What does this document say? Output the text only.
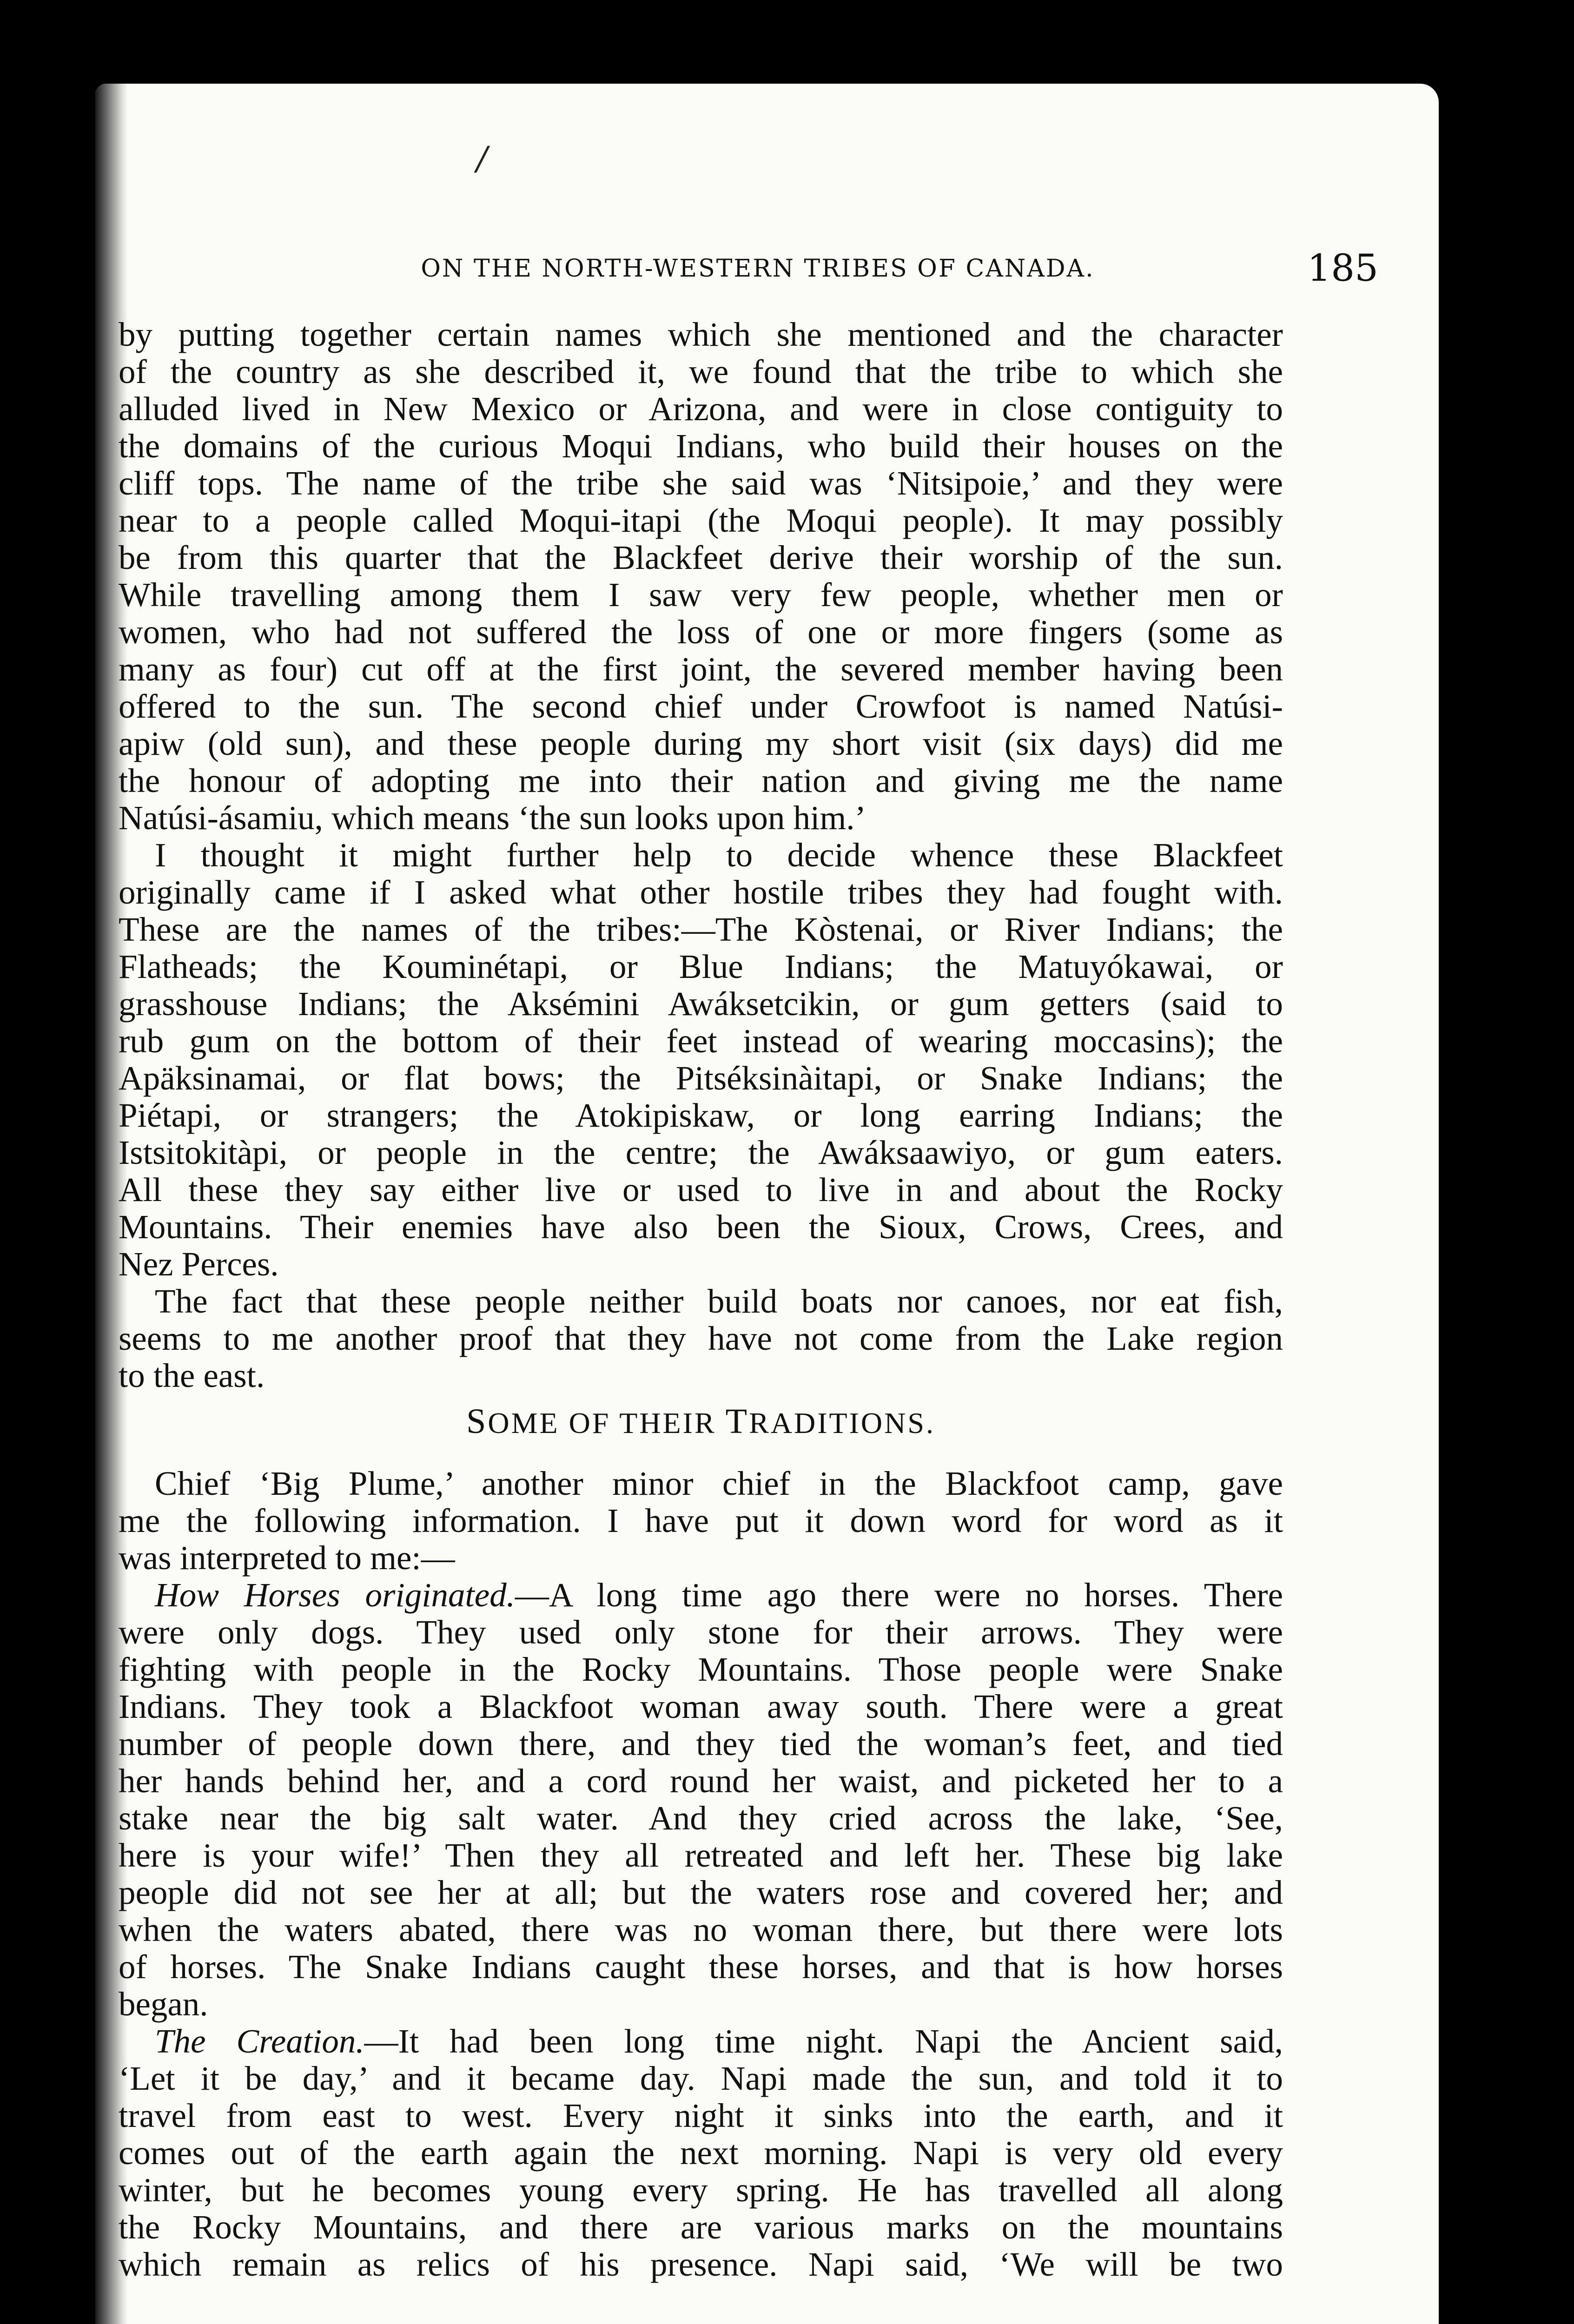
/
ON THE NORTH-WESTERN TRIBES OF CANADA.	185
by putting together certain names which she mentioned and the character
of the country as she described it, we found that the tribe to which she
alluded lived in New Mexico or Arizona, and were in close contiguity to
the domains of the curious Moqui Indians, who build their houses on the
cliff tops. The name of the tribe she said was ‘Nitsipoie,’ and they were
near to a people called Moqui-itapi (the Moqui people). It may possibly
be from this quarter that the Blackfeet derive their worship of the sun.
While travelling among them I saw very few people, whether men or
women, who had not suffered the loss of one or more fingers (some as
many as four) cut off at the first joint, the severed member having been
offered to the sun. The second chief under Crowfoot is named Natúsi-
apiw (old sun), and these people during my short visit (six days) did me
the honour of adopting me into their nation and giving me the name
Natúsi-ásamiu, which means ‘the sun looks upon him.’
I thought it might further help to decide whence these Blackfeet
originally came if I asked what other hostile tribes they had fought with.
These are the names of the tribes:—The Kòstenai, or River Indians; the
Flatheads; the Kouminétapi, or Blue Indians; the Matuyókawai, or
grasshouse Indians; the Aksémini Awáksetcikin, or gum getters (said to
rub gum on the bottom of their feet instead of wearing moccasins); the
Apäksinamai, or flat bows; the Pitséksinàitapi, or Snake Indians; the
Piétapi, or strangers; the Atokipiskaw, or long earring Indians; the
Istsitokitàpi, or people in the centre; the Awáksaawiyo, or gum eaters.
All these they say either live or used to live in and about the Rocky
Mountains. Their enemies have also been the Sioux, Crows, Crees, and
Nez Perces.
The fact that these people neither build boats nor canoes, nor eat fish,
seems to me another proof that they have not come from the Lake region
to the east.
SOME OF THEIR TRADITIONS.
Chief ‘Big Plume,’ another minor chief in the Blackfoot camp, gave
me the following information. I have put it down word for word as it
was interpreted to me:—
How Horses originated.—A long time ago there were no horses. There
were only dogs. They used only stone for their arrows. They were
fighting with people in the Rocky Mountains. Those people were Snake
Indians. They took a Blackfoot woman away south. There were a great
number of people down there, and they tied the woman’s feet, and tied
her hands behind her, and a cord round her waist, and picketed her to a
stake near the big salt water. And they cried across the lake, ‘See,
here is your wife!’ Then they all retreated and left her. These big lake
people did not see her at all; but the waters rose and covered her; and
when the waters abated, there was no woman there, but there were lots
of horses. The Snake Indians caught these horses, and that is how horses
began.
The Creation.—It had been long time night. Napi the Ancient said,
‘Let it be day,’ and it became day. Napi made the sun, and told it to
travel from east to west. Every night it sinks into the earth, and it
comes out of the earth again the next morning. Napi is very old every
winter, but he becomes young every spring. He has travelled all along
the Rocky Mountains, and there are various marks on the mountains
which remain as relics of his presence. Napi said, ‘We will be two
